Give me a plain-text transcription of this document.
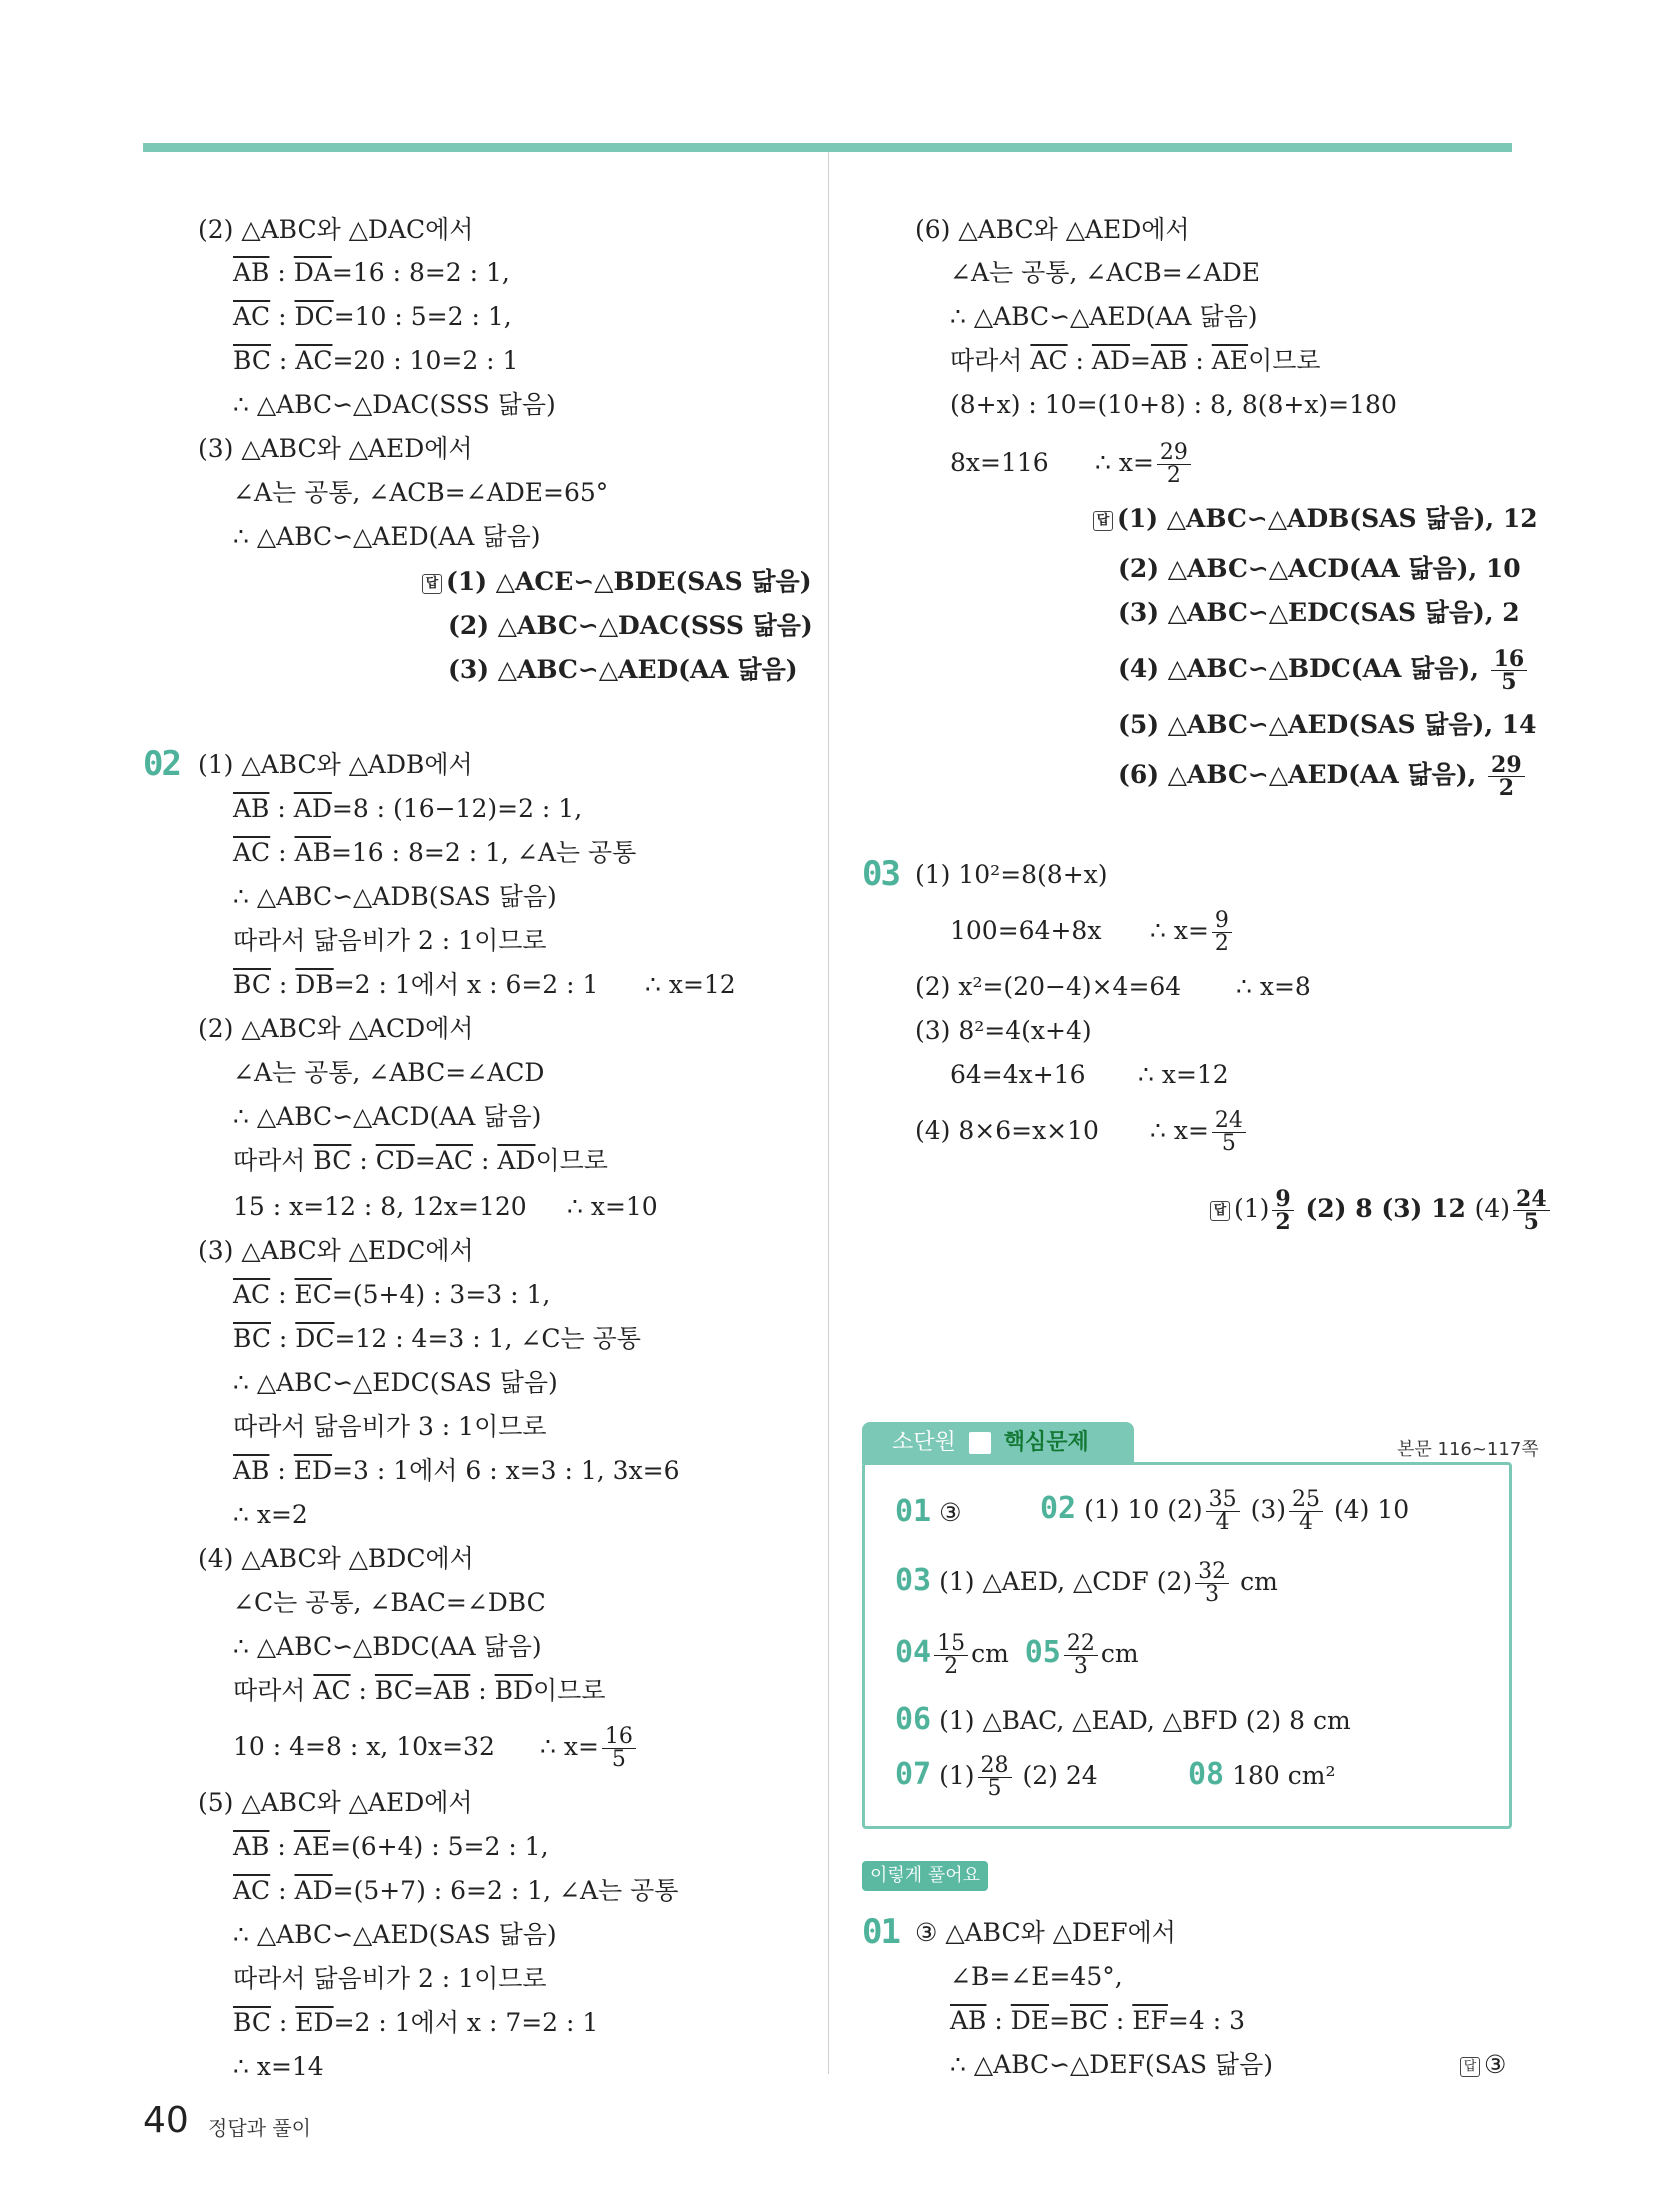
(2) △ABC와 △DAC에서
$\overline{AB}$ : $\overline{DA}=16$ : 8=2 : 1,
$\overline{AC}$ : $\overline{DC}=10$ : 5=2 : 1,
$\overline{BC}$ : $\overline{AC}=20$ : 10=2 : 1
∴ △ABC∽△DAC(SSS 닮음)
(3) △ABC와 △AED에서
∠A는 공통, ∠ACB=∠ADE=65°
∴ △ABC∽△AED(AA 닮음)
답 (1) △ACE∽△BDE(SAS 닮음)
(2) △ABC∽△DAC(SSS 닮음)
(3) △ABC∽△AED(AA 닮음)
02 (1) △ABC와 △ADB에서
$\overline{AB}$ : $\overline{AD}=8$ : (16−12)=2 : 1,
$\overline{AC}$ : $\overline{AB}=16$ : 8=2 : 1, ∠A는 공통
∴ △ABC∽△ADB(SAS 닮음)
따라서 닮음비가 2 : 1이므로
$\overline{BC}$ : $\overline{DB}=2$ : 1에서 x : 6=2 : 1 ∴ x=12
(2) △ABC와 △ACD에서
∠A는 공통, ∠ABC=∠ACD
∴ △ABC∽△ACD(AA 닮음)
따라서 $\overline{BC}$ : $\overline{CD}=\overline{AC}$ : $\overline{AD}$이므로
15 : x=12 : 8, 12x=120 ∴ x=10
(3) △ABC와 △EDC에서
$\overline{AC}$ : $\overline{EC}=(5+4)$ : 3=3 : 1,
$\overline{BC}$ : $\overline{DC}=12$ : 4=3 : 1, ∠C는 공통
∴ △ABC∽△EDC(SAS 닮음)
따라서 닮음비가 3 : 1이므로
$\overline{AB}$ : $\overline{ED}=3$ : 1에서 6 : x=3 : 1, 3x=6
∴ x=2
(4) △ABC와 △BDC에서
∠C는 공통, ∠BAC=∠DBC
∴ △ABC∽△BDC(AA 닮음)
따라서 $\overline{AC}$ : $\overline{BC}=\overline{AB}$ : $\overline{BD}$이므로
10 : 4=8 : x, 10x=32 ∴ $x= \frac{16}{5}$
(5) △ABC와 △AED에서
$\overline{AB}$ : $\overline{AE}=(6+4)$ : 5=2 : 1,
$\overline{AC}$ : $\overline{AD}=(5+7)$ : 6=2 : 1, ∠A는 공통
∴ △ABC∽△AED(SAS 닮음)
따라서 닮음비가 2 : 1이므로
$\overline{BC}$ : $\overline{ED}=2$ : 1에서 x : 7=2 : 1
∴ x=14
(6) △ABC와 △AED에서
∠A는 공통, ∠ACB=∠ADE
∴ △ABC∽△AED(AA 닮음)
따라서 $\overline{AC}$ : $\overline{AD}=\overline{AB}$ : $\overline{AE}$이므로
(8+x) : 10=(10+8) : 8, 8(8+x)=180
8x=116 ∴ $x= \frac{29}{2}$
답 (1) △ABC∽△ADB(SAS 닮음), 12
(2) △ABC∽△ACD(AA 닮음), 10
(3) △ABC∽△EDC(SAS 닮음), 2
(4) △ABC∽△BDC(AA 닮음), $\frac{16}{5}$
(5) △ABC∽△AED(SAS 닮음), 14
(6) △ABC∽△AED(AA 닮음), $\frac{29}{2}$
03 (1) 10²=8(8+x)
100=64+8x ∴ $x= \frac{9}{2}$
(2) x²=(20−4)×4=64 ∴ x=8
(3) 8²=4(x+4)
64=4x+16 ∴ x=12
(4) 8×6=x×10 ∴ $x= \frac{24}{5}$
답 $(1) \frac{9}{2} (2)$ 8 (3) 12 $(4) \frac{24}{5}$
소단원 핵심문제	본문 116~117쪽
01 ③	02 (1) 10 $(2) \frac{35}{4} (3) \frac{25}{4} (4)$ 10
03 (1) △AED, △CDF $(2) \frac{32}{3}$ cm
$04 \frac{15}{2}$ cm $05 \frac{22}{3}$ cm
06 (1) △BAC, △EAD, △BFD (2) 8 cm
07 $(1) \frac{28}{5} (2)$ 24	08 180 cm²
이렇게 풀어요
01 ③ △ABC와 △DEF에서
∠B=∠E=45°,
$\overline{AB}$ : $\overline{DE}=\overline{BC}$ : $\overline{EF}=4$ : 3
∴ △ABC∽△DEF(SAS 닮음)	답 ③
40 정답과 풀이
